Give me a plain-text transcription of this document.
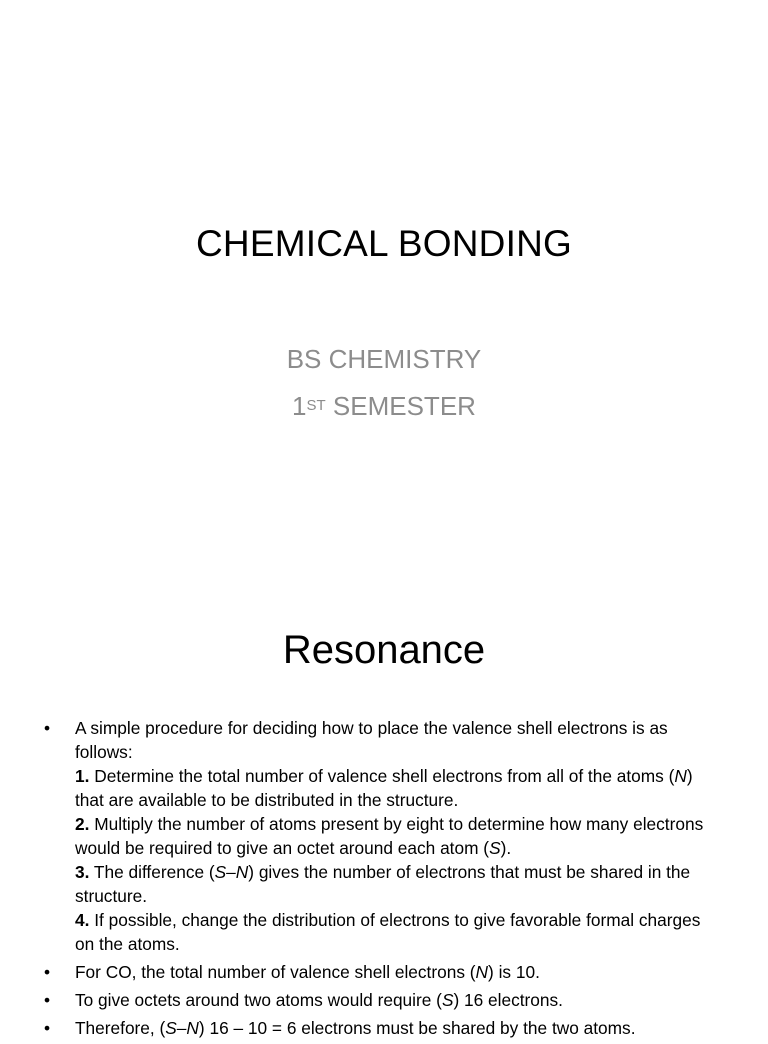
CHEMICAL BONDING
BS CHEMISTRY
1ST SEMESTER
Resonance
• A simple procedure for deciding how to place the valence shell electrons is as follows:
1. Determine the total number of valence shell electrons from all of the atoms (N) that are available to be distributed in the structure.
2. Multiply the number of atoms present by eight to determine how many electrons would be required to give an octet around each atom (S).
3. The difference (S–N) gives the number of electrons that must be shared in the structure.
4. If possible, change the distribution of electrons to give favorable formal charges on the atoms.
• For CO, the total number of valence shell electrons (N) is 10.
• To give octets around two atoms would require (S) 16 electrons.
• Therefore, (S–N) 16 – 10 = 6 electrons must be shared by the two atoms.
